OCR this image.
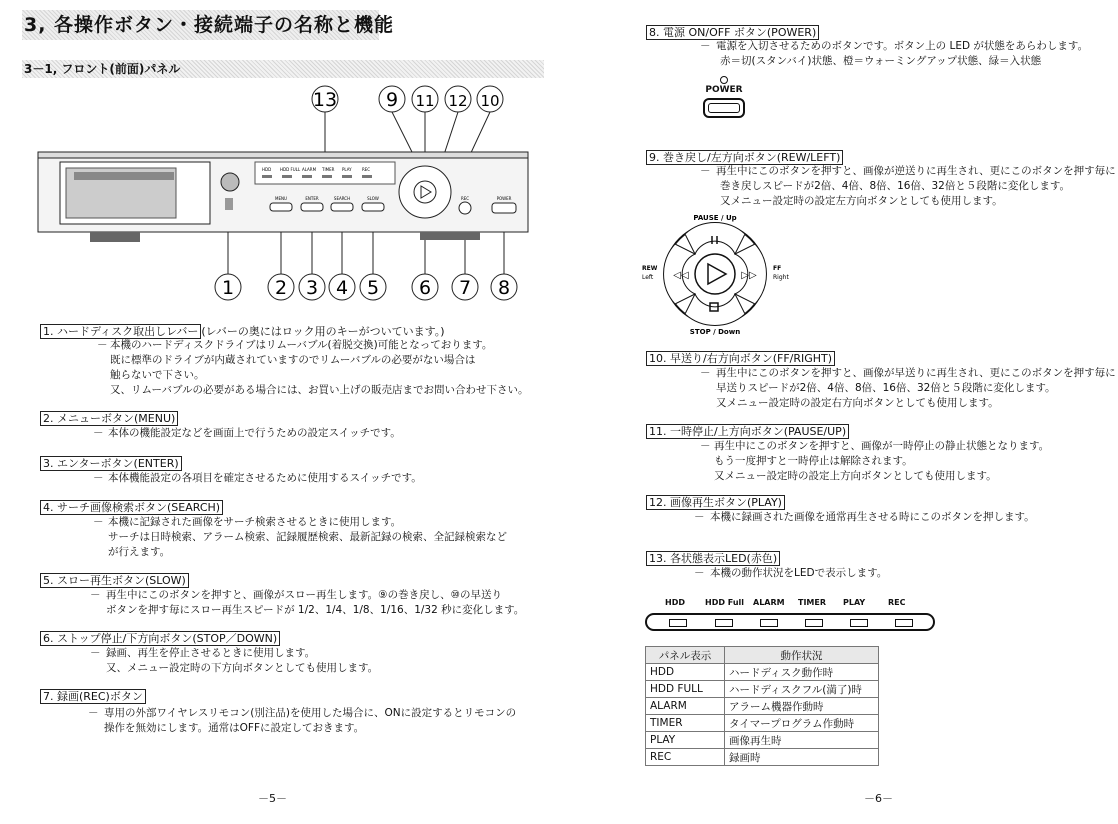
3, 各操作ボタン・接続端子の名称と機能
3－1, フロント(前面)パネル
13	9 11 12 10
HDD HDD FULL ALARM TIMER PLAY	REC
MENU	ENTER	SEARCH	SLOW	REC	POWER
1 2 3 4 5 6 7 8
1. ハードディスク取出しレバー (レバーの奥にはロック用のキーがついています。)
－ 本機のハードディスクドライブはリムーバブル(着脱交換)可能となっております。
既に標準のドライブが内蔵されていますのでリムーバブルの必要がない場合は
触らないで下さい。
又、リムーバブルの必要がある場合には、お買い上げの販売店までお問い合わせ下さい。
2. メニューボタン(MENU)
－ 本体の機能設定などを画面上で行うための設定スイッチです。
3. エンターボタン(ENTER)
－ 本体機能設定の各項目を確定させるために使用するスイッチです。
4. サーチ画像検索ボタン(SEARCH)
－ 本機に記録された画像をサーチ検索させるときに使用します。
サーチは日時検索、アラーム検索、記録履歴検索、最新記録の検索、全記録検索など
が行えます。
5. スロー再生ボタン(SLOW)
－ 再生中にこのボタンを押すと、画像がスロー再生します。⑨の巻き戻し、⑩の早送り
ボタンを押す毎にスロー再生スピードが 1/2、1/4、1/8、1/16、1/32 秒に変化します。
6. ストップ停止/下方向ボタン(STOP／DOWN)
－ 録画、再生を停止させるときに使用します。
又、メニュー設定時の下方向ボタンとしても使用します。
7. 録画(REC)ボタン
－ 専用の外部ワイヤレスリモコン(別注品)を使用した場合に、ONに設定するとリモコンの
操作を無効にします。通常はOFFに設定しておきます。
－5－
8. 電源 ON/OFF ボタン(POWER)
－ 電源を入切させるためのボタンです。ボタン上の LED が状態をあらわします。
赤＝切(スタンバイ)状態、橙＝ウォーミングアップ状態、緑＝入状態
POWER
9. 巻き戻し/左方向ボタン(REW/LEFT)
－ 再生中にこのボタンを押すと、画像が逆送りに再生され、更にこのボタンを押す毎に
巻き戻しスピードが2倍、4倍、8倍、16倍、32倍と５段階に変化します。
又メニュー設定時の設定左方向ボタンとしても使用します。
PAUSE / Up
◁◁	▷▷
REW
Left
FF
Right
STOP / Down
10. 早送り/右方向ボタン(FF/RIGHT)
－ 再生中にこのボタンを押すと、画像が早送りに再生され、更にこのボタンを押す毎に
早送りスピードが2倍、4倍、8倍、16倍、32倍と５段階に変化します。
又メニュー設定時の設定右方向ボタンとしても使用します。
11. 一時停止/上方向ボタン(PAUSE/UP)
－ 再生中にこのボタンを押すと、画像が一時停止の静止状態となります。
もう一度押すと一時停止は解除されます。
又メニュー設定時の設定上方向ボタンとしても使用します。
12. 画像再生ボタン(PLAY)
－ 本機に録画された画像を通常再生させる時にこのボタンを押します。
13. 各状態表示LED(赤色)
－ 本機の動作状況をLEDで表示します。
HDD	HDD Full ALARM TIMER PLAY	REC
パネル表示	動作状況
HDD	ハードディスク動作時
HDD FULL	ハードディスクフル(満了)時
ALARM	アラーム機器作動時
TIMER	タイマープログラム作動時
PLAY	画像再生時
REC	録画時
－6－
